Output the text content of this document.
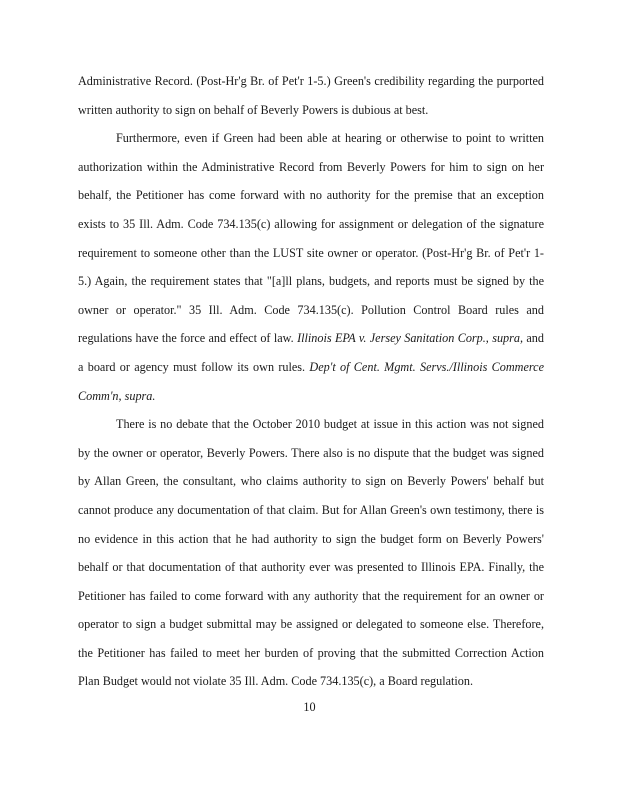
Administrative Record. (Post-Hr'g Br. of Pet'r 1-5.) Green's credibility regarding the purported written authority to sign on behalf of Beverly Powers is dubious at best.

Furthermore, even if Green had been able at hearing or otherwise to point to written authorization within the Administrative Record from Beverly Powers for him to sign on her behalf, the Petitioner has come forward with no authority for the premise that an exception exists to 35 Ill. Adm. Code 734.135(c) allowing for assignment or delegation of the signature requirement to someone other than the LUST site owner or operator. (Post-Hr'g Br. of Pet'r 1-5.) Again, the requirement states that "[a]ll plans, budgets, and reports must be signed by the owner or operator." 35 Ill. Adm. Code 734.135(c). Pollution Control Board rules and regulations have the force and effect of law. Illinois EPA v. Jersey Sanitation Corp., supra, and a board or agency must follow its own rules. Dep't of Cent. Mgmt. Servs./Illinois Commerce Comm'n, supra.

There is no debate that the October 2010 budget at issue in this action was not signed by the owner or operator, Beverly Powers. There also is no dispute that the budget was signed by Allan Green, the consultant, who claims authority to sign on Beverly Powers' behalf but cannot produce any documentation of that claim. But for Allan Green's own testimony, there is no evidence in this action that he had authority to sign the budget form on Beverly Powers' behalf or that documentation of that authority ever was presented to Illinois EPA. Finally, the Petitioner has failed to come forward with any authority that the requirement for an owner or operator to sign a budget submittal may be assigned or delegated to someone else. Therefore, the Petitioner has failed to meet her burden of proving that the submitted Correction Action Plan Budget would not violate 35 Ill. Adm. Code 734.135(c), a Board regulation.

10
